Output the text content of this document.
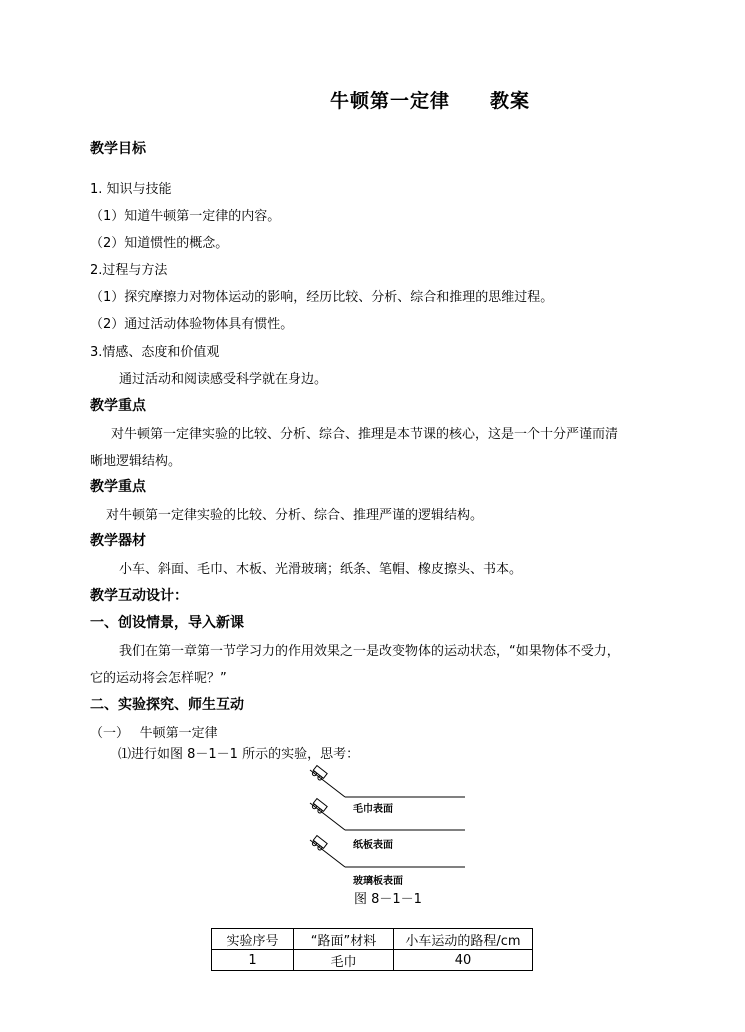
牛顿第一定律　　教案
教学目标
1. 知识与技能
（1）知道牛顿第一定律的内容。
（2）知道惯性的概念。
2.过程与方法
（1）探究摩擦力对物体运动的影响，经历比较、分析、综合和推理的思维过程。
（2）通过活动体验物体具有惯性。
3.情感、态度和价值观
通过活动和阅读感受科学就在身边。
教学重点
对牛顿第一定律实验的比较、分析、综合、推理是本节课的核心，这是一个十分严谨而清
晰地逻辑结构。
教学重点
对牛顿第一定律实验的比较、分析、综合、推理严谨的逻辑结构。
教学器材
小车、斜面、毛巾、木板、光滑玻璃；纸条、笔帽、橡皮擦头、书本。
教学互动设计：
一、创设情景，导入新课
我们在第一章第一节学习力的作用效果之一是改变物体的运动状态，“如果物体不受力，
它的运动将会怎样呢？”
二、实验探究、师生互动
（一）　 牛顿第一定律
⑴进行如图 8－1－1 所示的实验，思考：
毛巾表面
纸板表面
玻璃板表面
图 8－1－1
实验序号	“路面”材料	小车运动的路程/cm
1	毛巾	40
